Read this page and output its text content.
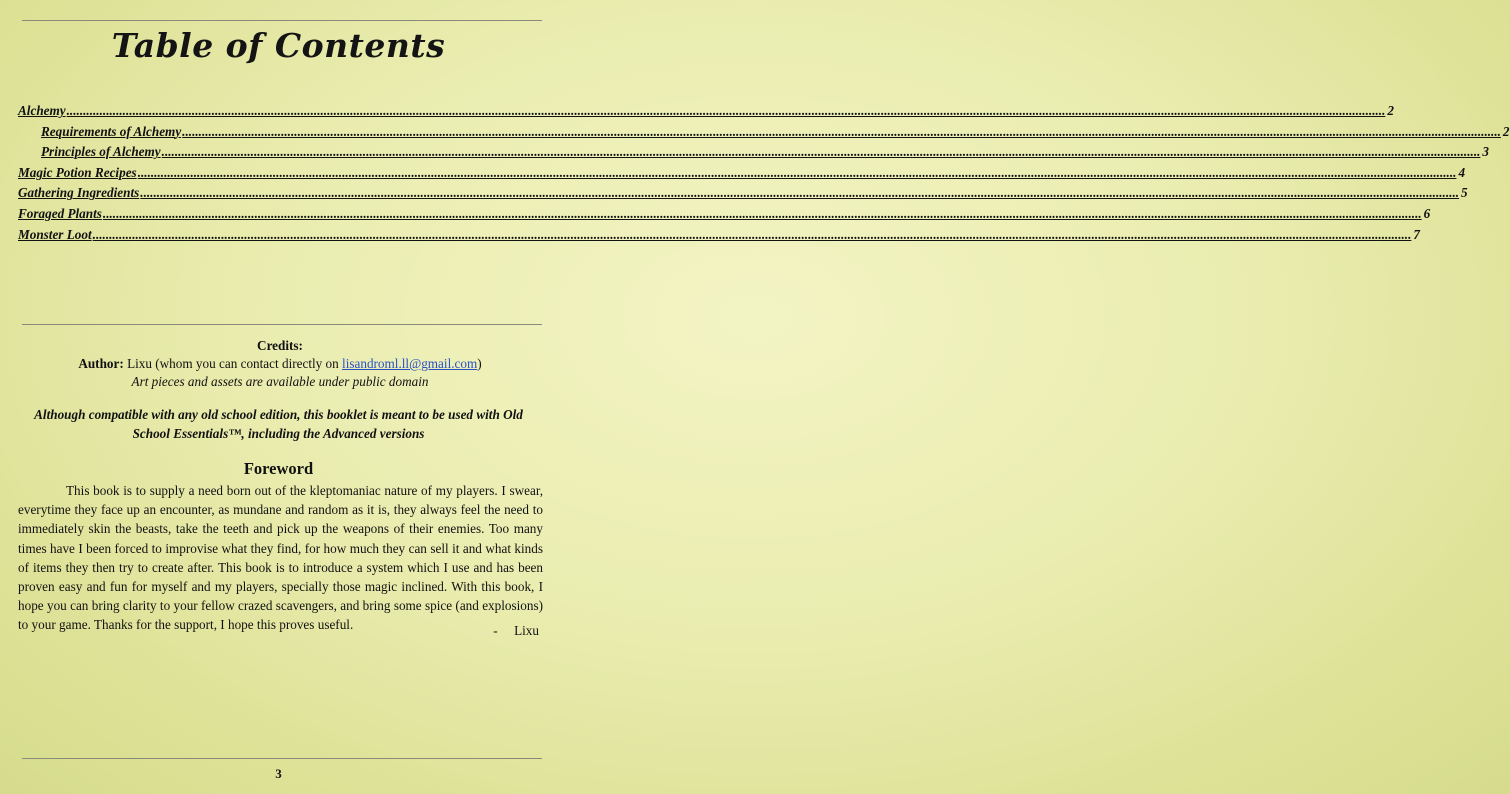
Table of Contents
Alchemy ................................................................................................................................................................................................................................................................................................................................................................................................................ 2
Requirements of Alchemy ................................................................................................................................................................................................................................................................................................................................................................................................................ 2
Principles of Alchemy ................................................................................................................................................................................................................................................................................................................................................................................................................ 3
Magic Potion Recipes ................................................................................................................................................................................................................................................................................................................................................................................................................ 4
Gathering Ingredients ................................................................................................................................................................................................................................................................................................................................................................................................................ 5
Foraged Plants ................................................................................................................................................................................................................................................................................................................................................................................................................ 6
Monster Loot ................................................................................................................................................................................................................................................................................................................................................................................................................ 7
Credits:
Author: Lixu (whom you can contact directly on lisandroml.ll@gmail.com)
Art pieces and assets are available under public domain
Although compatible with any old school edition, this booklet is meant to be used with Old School Essentials™, including the Advanced versions
Foreword

This book is to supply a need born out of the kleptomaniac nature of my players. I swear, everytime they face up an encounter, as mundane and random as it is, they always feel the need to immediately skin the beasts, take the teeth and pick up the weapons of their enemies. Too many times have I been forced to improvise what they find, for how much they can sell it and what kinds of items they then try to create after. This book is to introduce a system which I use and has been proven easy and fun for myself and my players, specially those magic inclined. With this book, I hope you can bring clarity to your fellow crazed scavengers, and bring some spice (and explosions) to your game. Thanks for the support, I hope this proves useful.	-     Lixu
3
